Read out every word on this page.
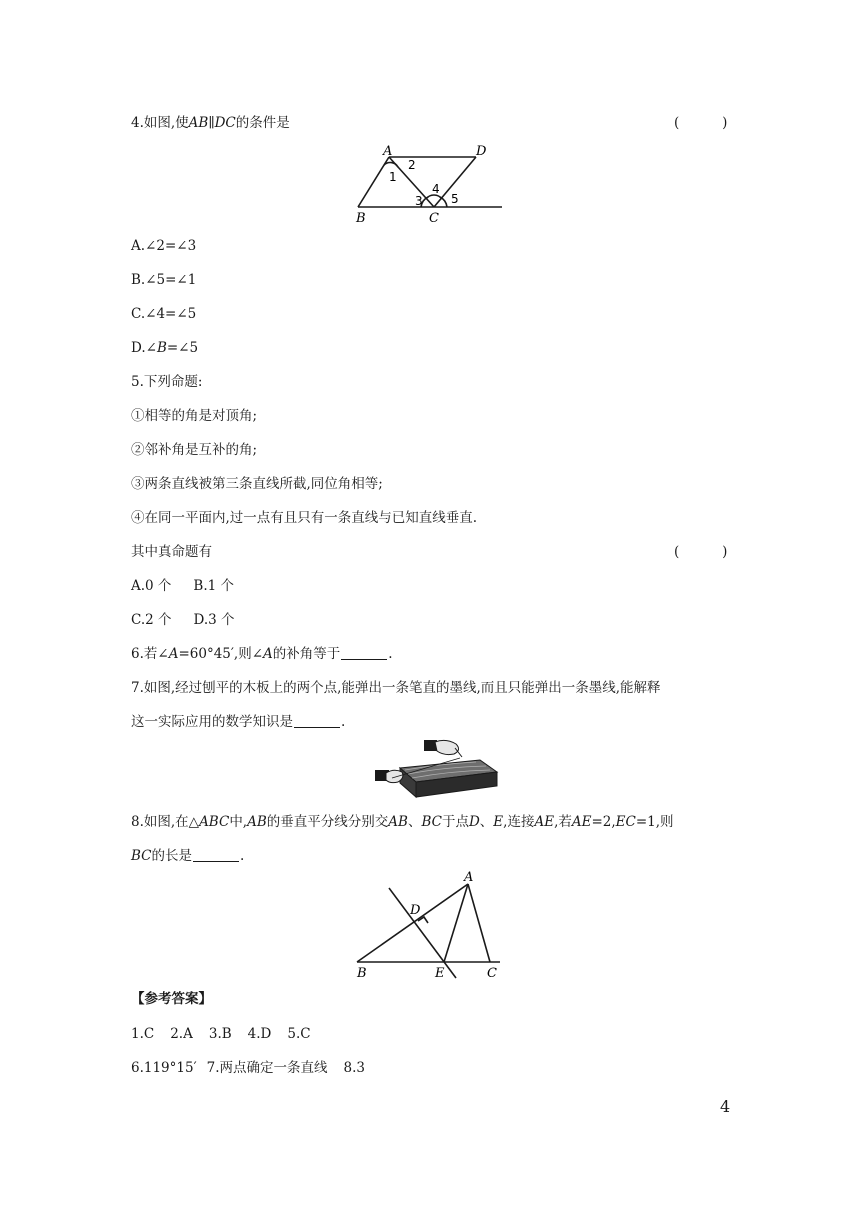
4.如图,使AB∥DC的条件是	(          )
A	D
B	C
1
2
3
4
5
A.∠2=∠3
B.∠5=∠1
C.∠4=∠5
D.∠B=∠5
5.下列命题:
①相等的角是对顶角;
②邻补角是互补的角;
③两条直线被第三条直线所截,同位角相等;
④在同一平面内,过一点有且只有一条直线与已知直线垂直.
其中真命题有	(          )
A.0 个 B.1 个
C.2 个 D.3 个
6.若∠A=60°45′,则∠A的补角等于	.
7.如图,经过刨平的木板上的两个点,能弹出一条笔直的墨线,而且只能弹出一条墨线,能解释
这一实际应用的数学知识是	.
8.如图,在△ABC中,AB的垂直平分线分别交AB、BC于点D、E,连接AE,若AE=2,EC=1,则
BC的长是	.
A
D
B	E	C
【参考答案】
1.C 2.A 3.B 4.D 5.C
6.119°15′ 7.两点确定一条直线 8.3
4
